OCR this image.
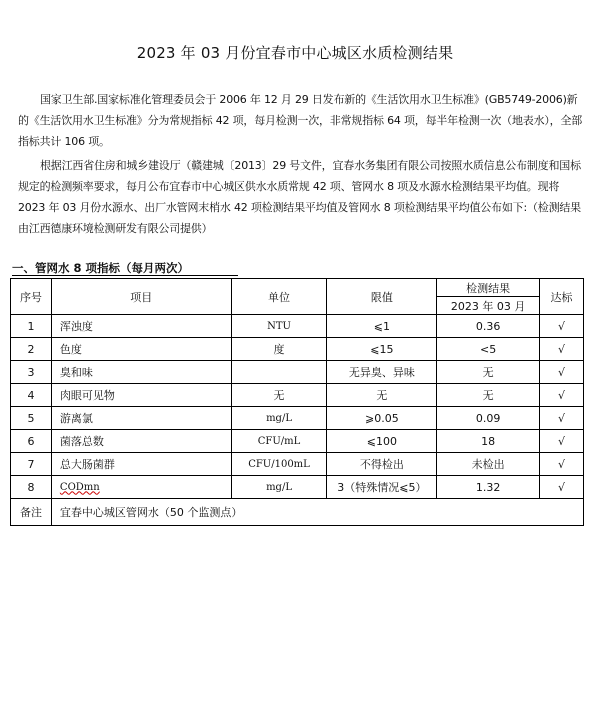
2023 年 03 月份宜春市中心城区水质检测结果

国家卫生部.国家标准化管理委员会于 2006 年 12 月 29 日发布新的《生活饮用水卫生标准》(GB5749-2006)新的《生活饮用水卫生标准》分为常规指标 42 项，每月检测一次，非常规指标 64 项，每半年检测一次（地表水），全部指标共计 106 项。

根据江西省住房和城乡建设厅（赣建城〔2013〕29 号文件，宜春水务集团有限公司按照水质信息公布制度和国标规定的检测频率要求，每月公布宜春市中心城区供水水质常规 42 项、管网水 8 项及水源水检测结果平均值。现将 2023 年 03 月份水源水、出厂水管网末梢水 42 项检测结果平均值及管网水 8 项检测结果平均值公布如下:（检测结果由江西德康环境检测研发有限公司提供）

一、管网水 8 项指标（每月两次）
序号	项目	单位	限值	检测结果	达标
				2023 年 03 月	
1	浑浊度	NTU	⩽1	0.36	√
2	色度	度	⩽15	<5	√
3	臭和味		无异臭、异味	无	√
4	肉眼可见物	无	无	无	√
5	游离氯	mg/L	⩾0.05	0.09	√
6	菌落总数	CFU/mL	⩽100	18	√
7	总大肠菌群	CFU/100mL	不得检出	未检出	√
8	CODmn	mg/L	3（特殊情况⩽5）	1.32	√
备注	宜春中心城区管网水（50 个监测点）				
